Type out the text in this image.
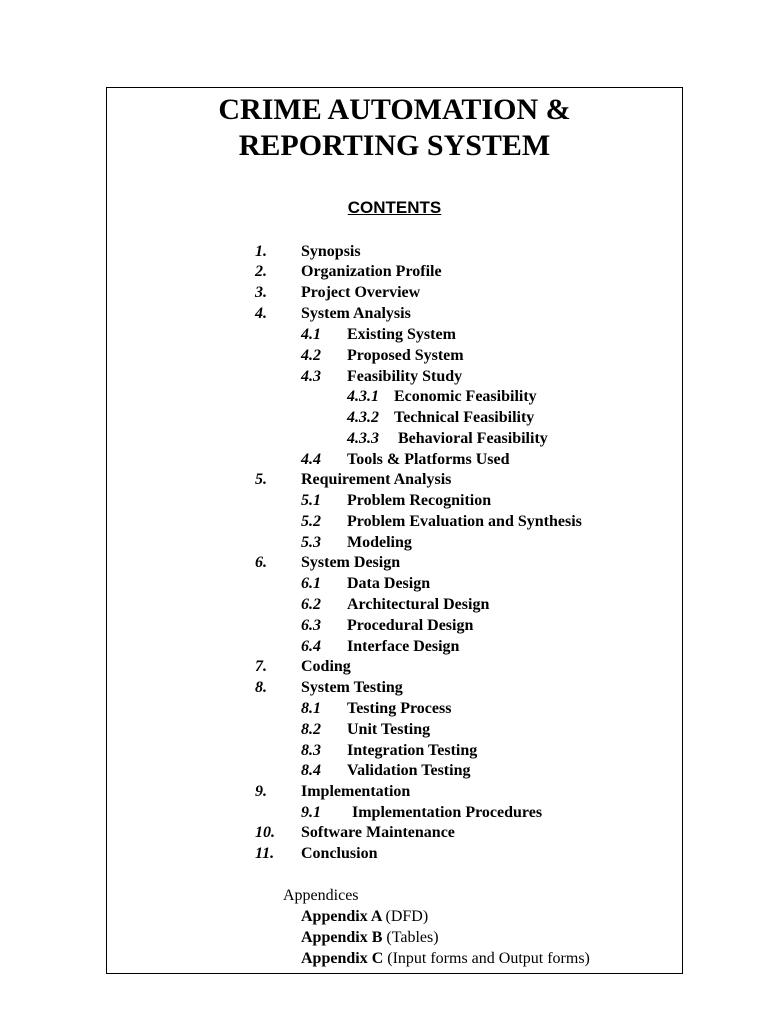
CRIME AUTOMATION &
REPORTING SYSTEM
CONTENTS
1. Synopsis
2. Organization Profile
3. Project Overview
4. System Analysis
4.1 Existing System
4.2 Proposed System
4.3 Feasibility Study
4.3.1 Economic Feasibility
4.3.2 Technical Feasibility
4.3.3 Behavioral Feasibility
4.4 Tools & Platforms Used
5. Requirement Analysis
5.1 Problem Recognition
5.2 Problem Evaluation and Synthesis
5.3 Modeling
6. System Design
6.1 Data Design
6.2 Architectural Design
6.3 Procedural Design
6.4 Interface Design
7. Coding
8. System Testing
8.1 Testing Process
8.2 Unit Testing
8.3 Integration Testing
8.4 Validation Testing
9. Implementation
9.1 Implementation Procedures
10. Software Maintenance
11. Conclusion
Appendices
Appendix A (DFD)
Appendix B (Tables)
Appendix C (Input forms and Output forms)
